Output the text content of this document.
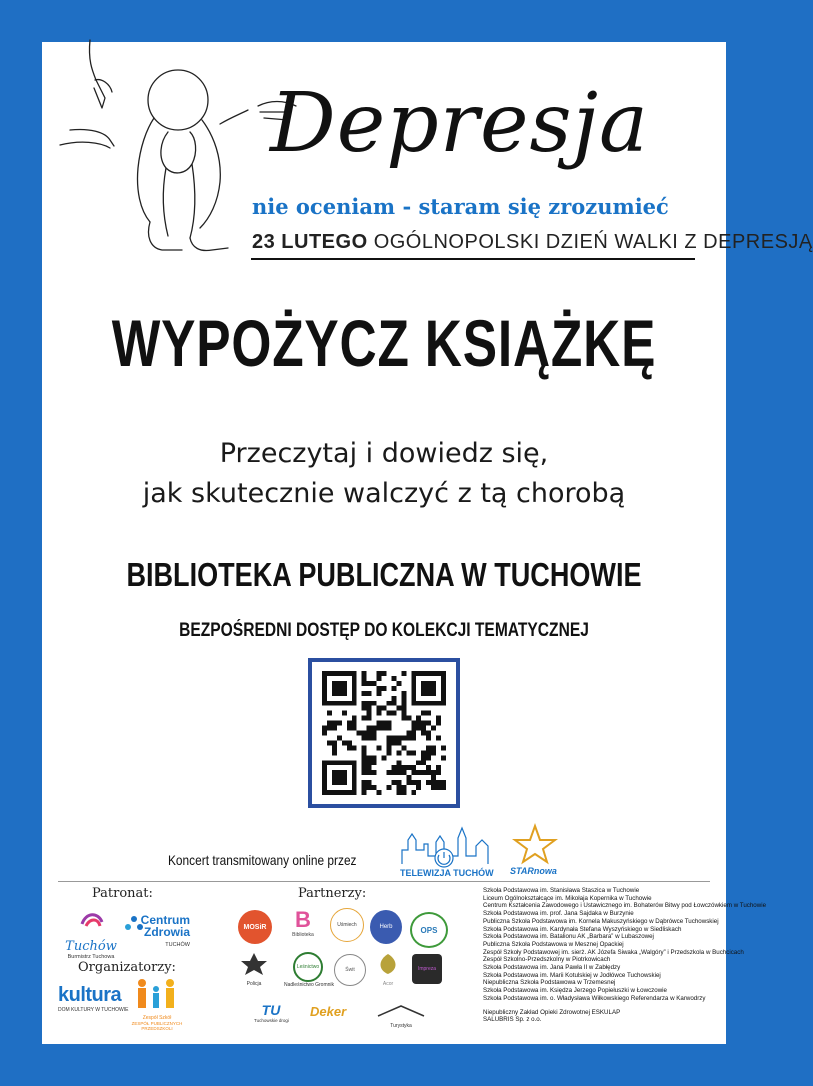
Depresja
nie oceniam - staram się zrozumieć
23 LUTEGO OGÓLNOPOLSKI DZIEŃ WALKI Z DEPRESJĄ
WYPOŻYCZ KSIĄŻKĘ
Przeczytaj i dowiedz się,
jak skutecznie walczyć z tą chorobą
BIBLIOTEKA PUBLICZNA W TUCHOWIE
BEZPOŚREDNI DOSTĘP DO KOLEKCJI TEMATYCZNEJ
Koncert transmitowany online przez
TELEWIZJA TUCHÓW STARnowa
Patronat:
Organizatorzy:
Partnerzy:
Tuchów
Burmistrz Tuchowa
Centrum Zdrowia
TUCHÓW
kultura
DOM KULTURY W TUCHOWIE
Zespół Szkół
ZESPÓŁ PUBLICZNYCH PRZEDSZKOLI
MOSiR	B
Biblioteka
Uśmiech	Herb	OPS
Policja
Leśnictwo
Nadleśnictwo Gromnik
Świt
Acor
Impreza
TU
Tuchowskie drogi
Deker
Turystyka
Szkoła Podstawowa im. Stanisława Staszica w Tuchowie
Liceum Ogólnokształcące im. Mikołaja Kopernika w Tuchowie
Centrum Kształcenia Zawodowego i Ustawicznego im. Bohaterów Bitwy pod Łowczówkiem w Tuchowie
Szkoła Podstawowa im. prof. Jana Sajdaka w Burzynie
Publiczna Szkoła Podstawowa im. Kornela Makuszyńskiego w Dąbrówce Tuchowskiej
Szkoła Podstawowa im. Kardynała Stefana Wyszyńskiego w Siedliskach
Szkoła Podstawowa im. Batalionu AK „Barbara” w Lubaszowej
Publiczna Szkoła Podstawowa w Mesznej Opackiej
Zespół Szkoły Podstawowej im. sierż. AK Józefa Siwaka „Walgóry” i Przedszkola w Buchcicach
Zespół Szkolno-Przedszkolny w Piotrkowicach
Szkoła Podstawowa im. Jana Pawła II w Zabłędzy
Szkoła Podstawowa im. Marii Kotulskiej w Jodłówce Tuchowskiej
Niepubliczna Szkoła Podstawowa w Trzemesnej
Szkoła Podstawowa im. Księdza Jerzego Popiełuszki w Łowczowie
Szkoła Podstawowa im. o. Władysława Wiłkowskiego Referendarza w Karwodrzy
Niepubliczny Zakład Opieki Zdrowotnej ESKULAP
SALUBRIS Sp. z o.o.
